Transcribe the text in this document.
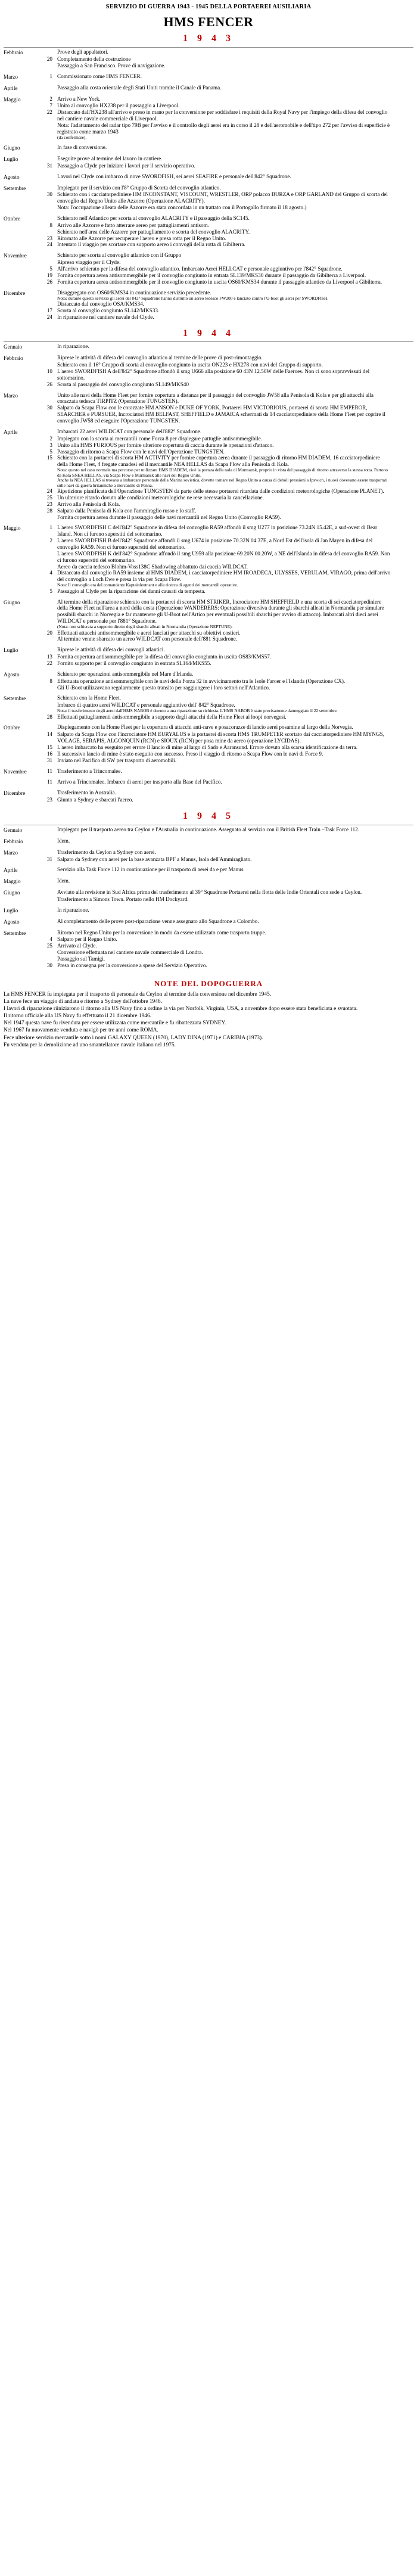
SERVIZIO DI GUERRA 1943 - 1945 DELLA PORTAEREI AUSILIARIA
HMS FENCER
1 9 4 3
Febbraio	Prove degli appaltatori.
20 Completamento della costruzione
Passaggio a San Francisco. Prove di navigazione.
Marzo	1 Commissionato come HMS FENCER.
Aprile	Passaggio alla costa orientale degli Stati Uniti tramite il Canale di Panama.
Maggio	2 Arrivo a New York.
7 Unito al convoglio HX238 per il passaggio a Liverpool.
22 Distaccato dall'HX238 all'arrivo e preso in mano per la conversione per soddisfare i requisiti della Royal Navy per l'impiego della difesa del convoglio nel cantiere navale commerciale di Liverpool.
Nota: l'adattamento del radar tipo 79B per l'avviso e il controllo degli aerei era in corso il 28 e dell'aeromobile e dell'tipo 272 per l'avviso di superficie è registrato come marzo 1943
(da confermare).
Giugno	In fase di conversione.
Luglio	Eseguite prove al termine del lavoro in cantiere.
31 Passaggio a Clyde per iniziare i lavori per il servizio operativo.
Agosto	Lavori nel Clyde con imbarco di nove SWORDFISH, sei aerei SEAFIRE e personale dell'842° Squadrone.
Settembre	Impiegato per il servizio con l'8° Gruppo di Scorta del convoglio atlantico.
30 Schierato con i cacciatorpediniere HM INCONSTANT, VISCOUNT, WRESTLER, ORP polacco BURZA e ORP GARLAND del Gruppo di scorta del convoglio dal Regno Unito alle Azzorre (Operazione ALACRITY).
Nota: l'occupazione alleata delle Azzorre era stata concordata in un trattato con il Portogallo firmato il 18 agosto.)
Ottobre	Schierato nell'Atlantico per scorta al convoglio ALACRITY e il passaggio della SC145.
8 Arrivo alle Azzorre e fatto atterrare aereo per pattugliamenti antisom.
Schierato nell'area delle Azzorre per pattugliamento e scorta del convoglio ALACRITY.
23 Ritornato alle Azzorre per recuperare l'aereo e presa rotta per il Regno Unito.
24 Intentato il viaggio per scortare con supporto aereo i convogli della rotta di Gibilterra.
Novembre	Schierato per scorta al convoglio atlantico con il Gruppo
Ripreso viaggio per il Clyde.
5 All'arrivo schierato per la difesa del convoglio atlantico. Imbarcato Aerei HELLCAT e personale aggiuntivo per l'842° Squadrone.
19 Fornita copertura aerea antisommergibile per il convoglio congiunto in entrata SL139/MKS30 durante il passaggio da Gibilterra a Liverpool.
26 Fornita copertura aerea antisommergibile per il convoglio congiunto in uscita OS60/KMS34 durante il passaggio atlantico da Liverpool a Gibilterra.
Dicembre	Disaggregato con OS60/KMS34 in continuazione servizio precedente.
Nota: durante questo servizio gli aerei del 842° Squadrone hanno distrutto un aereo tedesco FW200 e lanciato contro l'U-boot gli aerei per SWORDFISH.
Distaccato dal convoglio OSA/KMS34.
17 Scorta al convoglio congiunto SL142/MKS33.
24 In riparazione nel cantiere navale del Clyde.
1 9 4 4
Gennaio	In riparazione.
Febbraio	Riprese le attività di difesa del convoglio atlantico al termine delle prove di post-rimontaggio.
Schierato con il 16° Gruppo di scorta al convoglio congiunto in uscita ON223 e HX278 con navi del Gruppo di supporto.
10 L'aereo SWORDFISH A dell'842° Squadrone affondò il smg U666 alla posizione 60 43N 12.50W delle Faeroes. Non ci sono sopravvissuti del sottomarino.
26 Scorta al passaggio del convoglio congiunto SL149/MKS40
Marzo	Unito alle navi della Home Fleet per fornire copertura a distanza per il passaggio del convoglio JW58 alla Penisola di Kola e per gli attacchi alla corazzata tedesca TIRPITZ (Operazione TUNGSTEN).
30 Salpato da Scapa Flow con le corazzate HM ANSON e DUKE OF YORK, Portaerei HM VICTORIOUS, portaerei di scorta HM EMPEROR, SEARCHER e PURSUER, Incrociatori HM BELFAST, SHEFFIELD e JAMAICA schermati da 14 cacciatorpediniere della Home Fleet per coprire il convoglio JW58 ed eseguire l'Operazione TUNGSTEN.
Aprile	Imbarcati 22 aerei WILDCAT con personale dell'882° Squadrone.
2 Impiegato con la scorta ai mercantili come Forza 8 per dispiegare pattuglie antisommergibile.
3 Unito alla HMS FURIOUS per fornire ulteriore copertura di caccia durante le operazioni d'attacco.
5 Passaggio di ritorno a Scapa Flow con le navi dell'Operazione TUNGSTEN.
15 Schierato con la portaerei di scorta HM ACTIVITY per fornire copertura aerea durante il passaggio di ritorno HM DIADEM, 16 cacciatorpediniere della Home Fleet, 4 fregate canadesi ed il mercantile NEA HELLAS da Scapa Flow alla Penisola di Kola.
Nota: questo nel caso normale ma percorso per utilizzare HMS DIADEM, cioè la portata della rada di Murmansk, proprio in vista del passaggio di ritorno attraverso la stessa rotta. Partono da Kola SNEA HELLAS, via Scapa Flow e Murmansk alle navi dei Regno Unito.
Anche la NEA HELLAS si trovava a imbarcare personale della Marina sovietica, dovette tornare nel Regno Unito a causa di deboli pressioni a Ipswich, i nuovi dovevano essere trasportati sulle navi da guerra britanniche a mercantile di Penna.
24 Ripetizione pianificata dell'Operazione TUNGSTEN da parte delle stesse portaerei ritardata dalle condizioni meteorologiche (Operazione PLANET).
25 Un ulteriore ritardo dovuto alle condizioni meteorologiche ne rese necessaria la cancellazione.
23 Arrivo alla Penisola di Kola.
28 Salpato dalla Penisola di Kola con l'ammiraglio russo e lo staff.
Fornita copertura aerea durante il passaggio delle navi mercantili nel Regno Unito (Convoglio RA59).
Maggio	1 L'aereo SWORDFISH C dell'842° Squadrone in difesa del convoglio RA59 affondò il smg U277 in posizione 73.24N 15.42E, a sud-ovest di Bear Island. Non ci furono superstiti del sottomarino.
2 L'aereo SWORDFISH B dell'842° Squadrone affondò il smg U674 in posizione 70.32N 04.37E, a Nord Est dell'isola di Jan Mayen in difesa del convoglio RA59. Non ci furono superstiti del sottomarino.
L'aereo SWORDFISH K dell'842° Squadrone affondò il smg U959 alla posizione 69 20N 00.20W, a NE dell'Islanda in difesa del convoglio RA59. Non ci furono superstiti del sottomarino.
Aereo da caccia tedesco Blohm-Voss138C Shadowing abbattuto dai caccia WILDCAT.
4 Distaccato dal convoglio RA59 insieme al HMS DIADEM, i cacciatorpediniere HM IROADECA, ULYSSES, VERULAM, VIRAGO, prima dell'arrivo del convoglio a Loch Ewe e presa la via per Scapa Flow.
Nota: Il convoglio era del comandante Kaptainleutnant e alla ricerca di agenti dei mercantili operative.
5 Passaggio al Clyde per la riparazione dei danni causati da tempesta.
Giugno	Al termine della riparazione schierato con la portaerei di scorta HM STRIKER, Incrociatore HM SHEFFIELD e una scorta di sei cacciatorpediniere della Home Fleet nell'area a nord della costa (Operazione WANDERERS: Operazione diversiva durante gli sbarchi alleati in Normandia per simulare possibili sbarchi in Norvegia e far mantenere gli U-Boot nell'Artico per eventuali possibili sbarchi per avviso di attacco). Imbarcati altri dieci aerei WILDCAT e personale per l'881° Squadrone.
(Nota: non schierata a supporto diretto degli sbarchi alleati in Normandia (Operazione NEPTUNE).
20 Effettuati attacchi antisommergibile e aerei lanciati per attacchi su obiettivi costieri.
Al termine venne sbarcato un aereo WILDCAT con personale dell'881 Squadrone.
Luglio	Riprese le attività di difesa dei convogli atlantici.
13 Fornita copertura antisommergibile per la difesa del convoglio congiunto in uscita OS83/KMS57.
22 Fornito supporto per il convoglio congiunto in entrata SL164/MKS55.
Agosto	Schierato per operazioni antisommergibile nel Mare d'Irlanda.
8 Effettuata operazione antisommergibile con le navi della Forza 32 in avvicinamento tra le Isole Faroer e l'Islanda (Operazione CX).
Gli U-Boot utilizzavano regolarmente questo transito per raggiungere i loro settori nell'Atlantico.
Settembre	Schierato con la Home Fleet.
Imbarco di quattro aerei WILDCAT e personale aggiuntivo dell' 842° Squadrone.
Nota: il trasferimento degli aerei dall'HMS NABOB è dovuto a una riparazione su richiesta. L'HMS NABOB è stato precisamente danneggiato il 22 settembre.
28 Effettuati pattugliamenti antisommergibile a supporto degli attacchi della Home Fleet ai loopi norvegesi.
Ottobre	Dispiegamento con la Home Fleet per la copertura di attacchi anti-nave e posacorazze di lancio aerei posamine al largo della Norvegia.
14 Salpato da Scapa Flow con l'incrociatore HM EURYALUS e la portaerei di scorta HMS TRUMPETER scortato dai cacciatorpediniere HM MYNGS, VOLAGE, SERAPIS, ALGONQUIN (RCN) e SIOUX (RCN) per posa mine da aereo (operazione LYCIDAS).
15 L'aereo imbarcato ha eseguito per errore il lancio di mine al largo di Sado e Aaransund. Errore dovuto alla scarsa identificazione da terra.
16 Il successivo lancio di mine è stato eseguito con successo. Preso il viaggio di ritorno a Scapa Flow con le navi di Force 9.
31 Inviato nel Pacifico di SW per trasporto di aeromobili.
Novembre	11 Trasferimento a Trincomalee.
11 Arrivo a Trincomalee. Imbarco di aerei per trasporto alla Base del Pacifico.
Dicembre	Trasferimento in Australia.
23 Giunto a Sydney e sbarcati l'aereo.
1 9 4 5
Gennaio	Impiegato per il trasporto aereo tra Ceylon e l'Australia in continuazione. Assegnato al servizio con il British Fleet Train –Task Force 112.
Febbraio	Idem.
Marzo	Trasferimento da Ceylon a Sydney con aerei.
31 Salpato da Sydney con aerei per la base avanzata BPF a Manus, Isola dell'Ammiragliato.
Aprile	Servizio alla Task Force 112 in continuazione per il trasporto di aerei da e per Manus.
Maggio	Idem.
Giugno	Avviato alla revisione in Sud Africa prima del trasferimento al 39° Squadrone Portaerei nella flotta delle Indie Orientali con sede a Ceylon.
Trasferimento a Simons Town. Portato nello HM Dockyard.
Luglio	In riparazione.
Agosto	Al completamento delle prove post-riparazione venne assegnato allo Squadrone a Colombo.
Settembre	Ritorno nel Regno Unito per la conversione in modo da essere utilizzato come trasporto truppe.
4 Salpato per il Regno Unito.
25 Arrivato al Clyde.
Conversione effettuata nel cantiere navale commerciale di Londra.
Passaggio sul Tamigi.
30 Presa in consegna per la conversione a spese del Servizio Operativo.
NOTE DEL DOPOGUERRA
La HMS FENCER fu impiegata per il trasporto di personale da Ceylon al termine della conversione nel dicembre 1945.
La nave fece un viaggio di andata e ritorno a Sydney dell'ottobre 1946.
I lavori di riparazione riiniziarono il ritorno alla US Navy fino a ordine la via per Norfolk, Virginia, USA, a novembre dopo essere stata beneficiata e svuotata.
Il ritorno ufficiale alla US Navy fu effettuato il 21 dicembre 1946.
Nel 1947 questa nave fu rivenduta per essere utilizzata come mercantile e fu ribattezzata SYDNEY.
Nel 1967 fu nuovamente venduta e navigò per tre anni come ROMA.
Fece ulteriore servizio mercantile sotto i nomi GALAXY QUEEN (1970), LADY DINA (1971) e CARIBIA (1973).
Fu venduta per la demolizione ad uno smantellatore navale italiano nel 1975.
